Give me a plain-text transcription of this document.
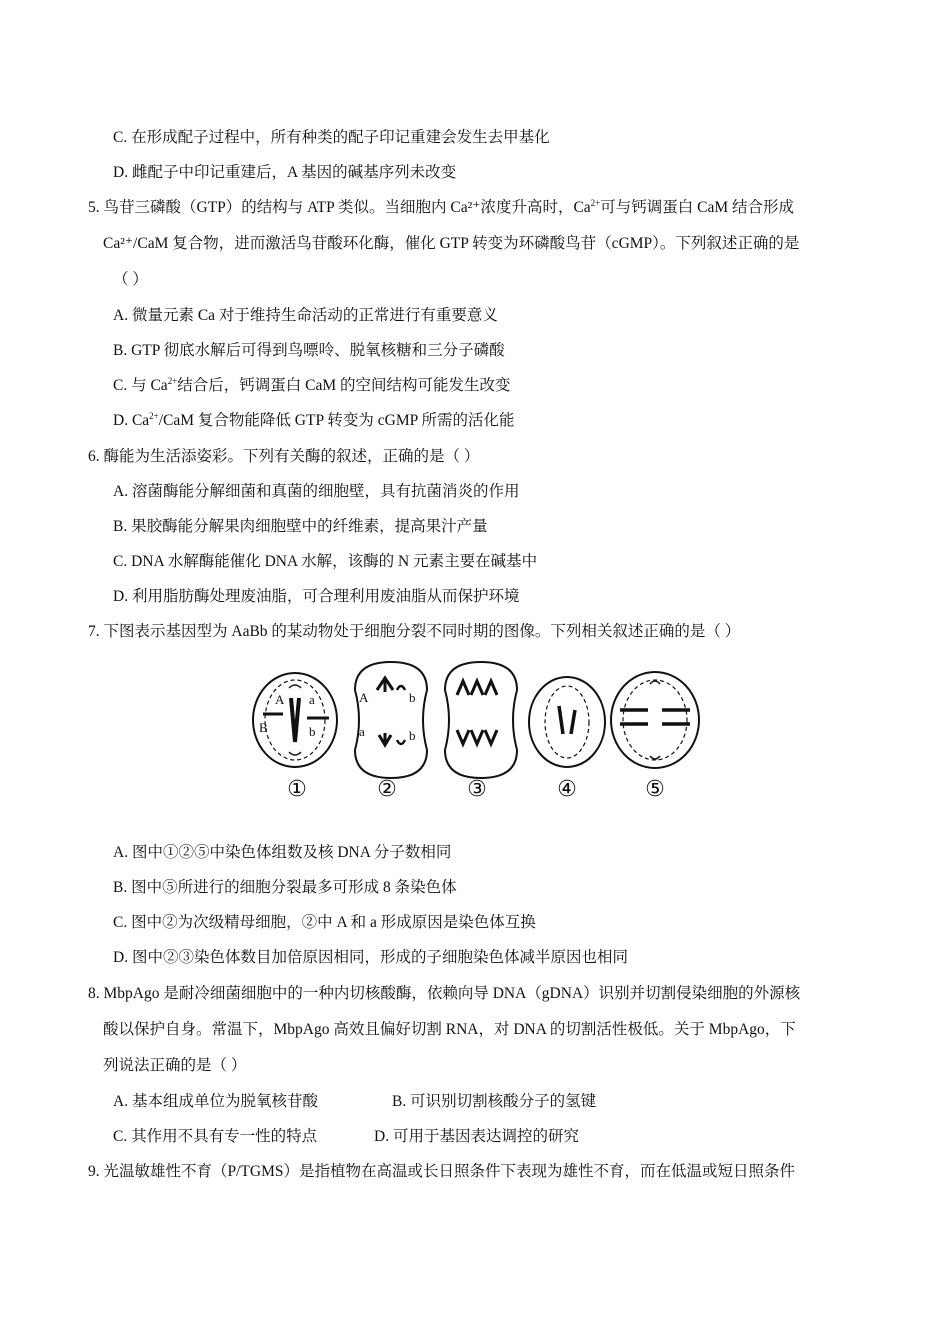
C. 在形成配子过程中，所有种类的配子印记重建会发生去甲基化
D. 雌配子中印记重建后，A 基因的碱基序列未改变
5. 鸟苷三磷酸（GTP）的结构与 ATP 类似。当细胞内 Ca²⁺浓度升高时，$Ca^{2+}$可与钙调蛋白 CaM 结合形成
Ca²⁺/CaM 复合物，进而激活鸟苷酸环化酶，催化 GTP 转变为环磷酸鸟苷（cGMP）。下列叙述正确的是
（ ）
A. 微量元素 Ca 对于维持生命活动的正常进行有重要意义
B. GTP 彻底水解后可得到鸟嘌呤、脱氧核糖和三分子磷酸
C. 与 $Ca^{2+}$结合后，钙调蛋白 CaM 的空间结构可能发生改变
D. $Ca^{2+}$/CaM 复合物能降低 GTP 转变为 cGMP 所需的活化能
6. 酶能为生活添姿彩。下列有关酶的叙述，正确的是（ ）
A. 溶菌酶能分解细菌和真菌的细胞壁，具有抗菌消炎的作用
B. 果胶酶能分解果肉细胞壁中的纤维素，提高果汁产量
C. DNA 水解酶能催化 DNA 水解，该酶的 N 元素主要在碱基中
D. 利用脂肪酶处理废油脂，可合理利用废油脂从而保护环境
7. 下图表示基因型为 AaBb 的某动物处于细胞分裂不同时期的图像。下列相关叙述正确的是（ ）
A a
B	b
A	b
a	b
①	②	③	④	⑤
A. 图中①②⑤中染色体组数及核 DNA 分子数相同
B. 图中⑤所进行的细胞分裂最多可形成 8 条染色体
C. 图中②为次级精母细胞，②中 A 和 a 形成原因是染色体互换
D. 图中②③染色体数目加倍原因相同，形成的子细胞染色体减半原因也相同
8. MbpAgo 是耐冷细菌细胞中的一种内切核酸酶，依赖向导 DNA（gDNA）识别并切割侵染细胞的外源核
酸以保护自身。常温下，MbpAgo 高效且偏好切割 RNA，对 DNA 的切割活性极低。关于 MbpAgo，下
列说法正确的是（ ）
A. 基本组成单位为脱氧核苷酸	B. 可识别切割核酸分子的氢键
C. 其作用不具有专一性的特点	D. 可用于基因表达调控的研究
9. 光温敏雄性不育（P/TGMS）是指植物在高温或长日照条件下表现为雄性不育，而在低温或短日照条件
